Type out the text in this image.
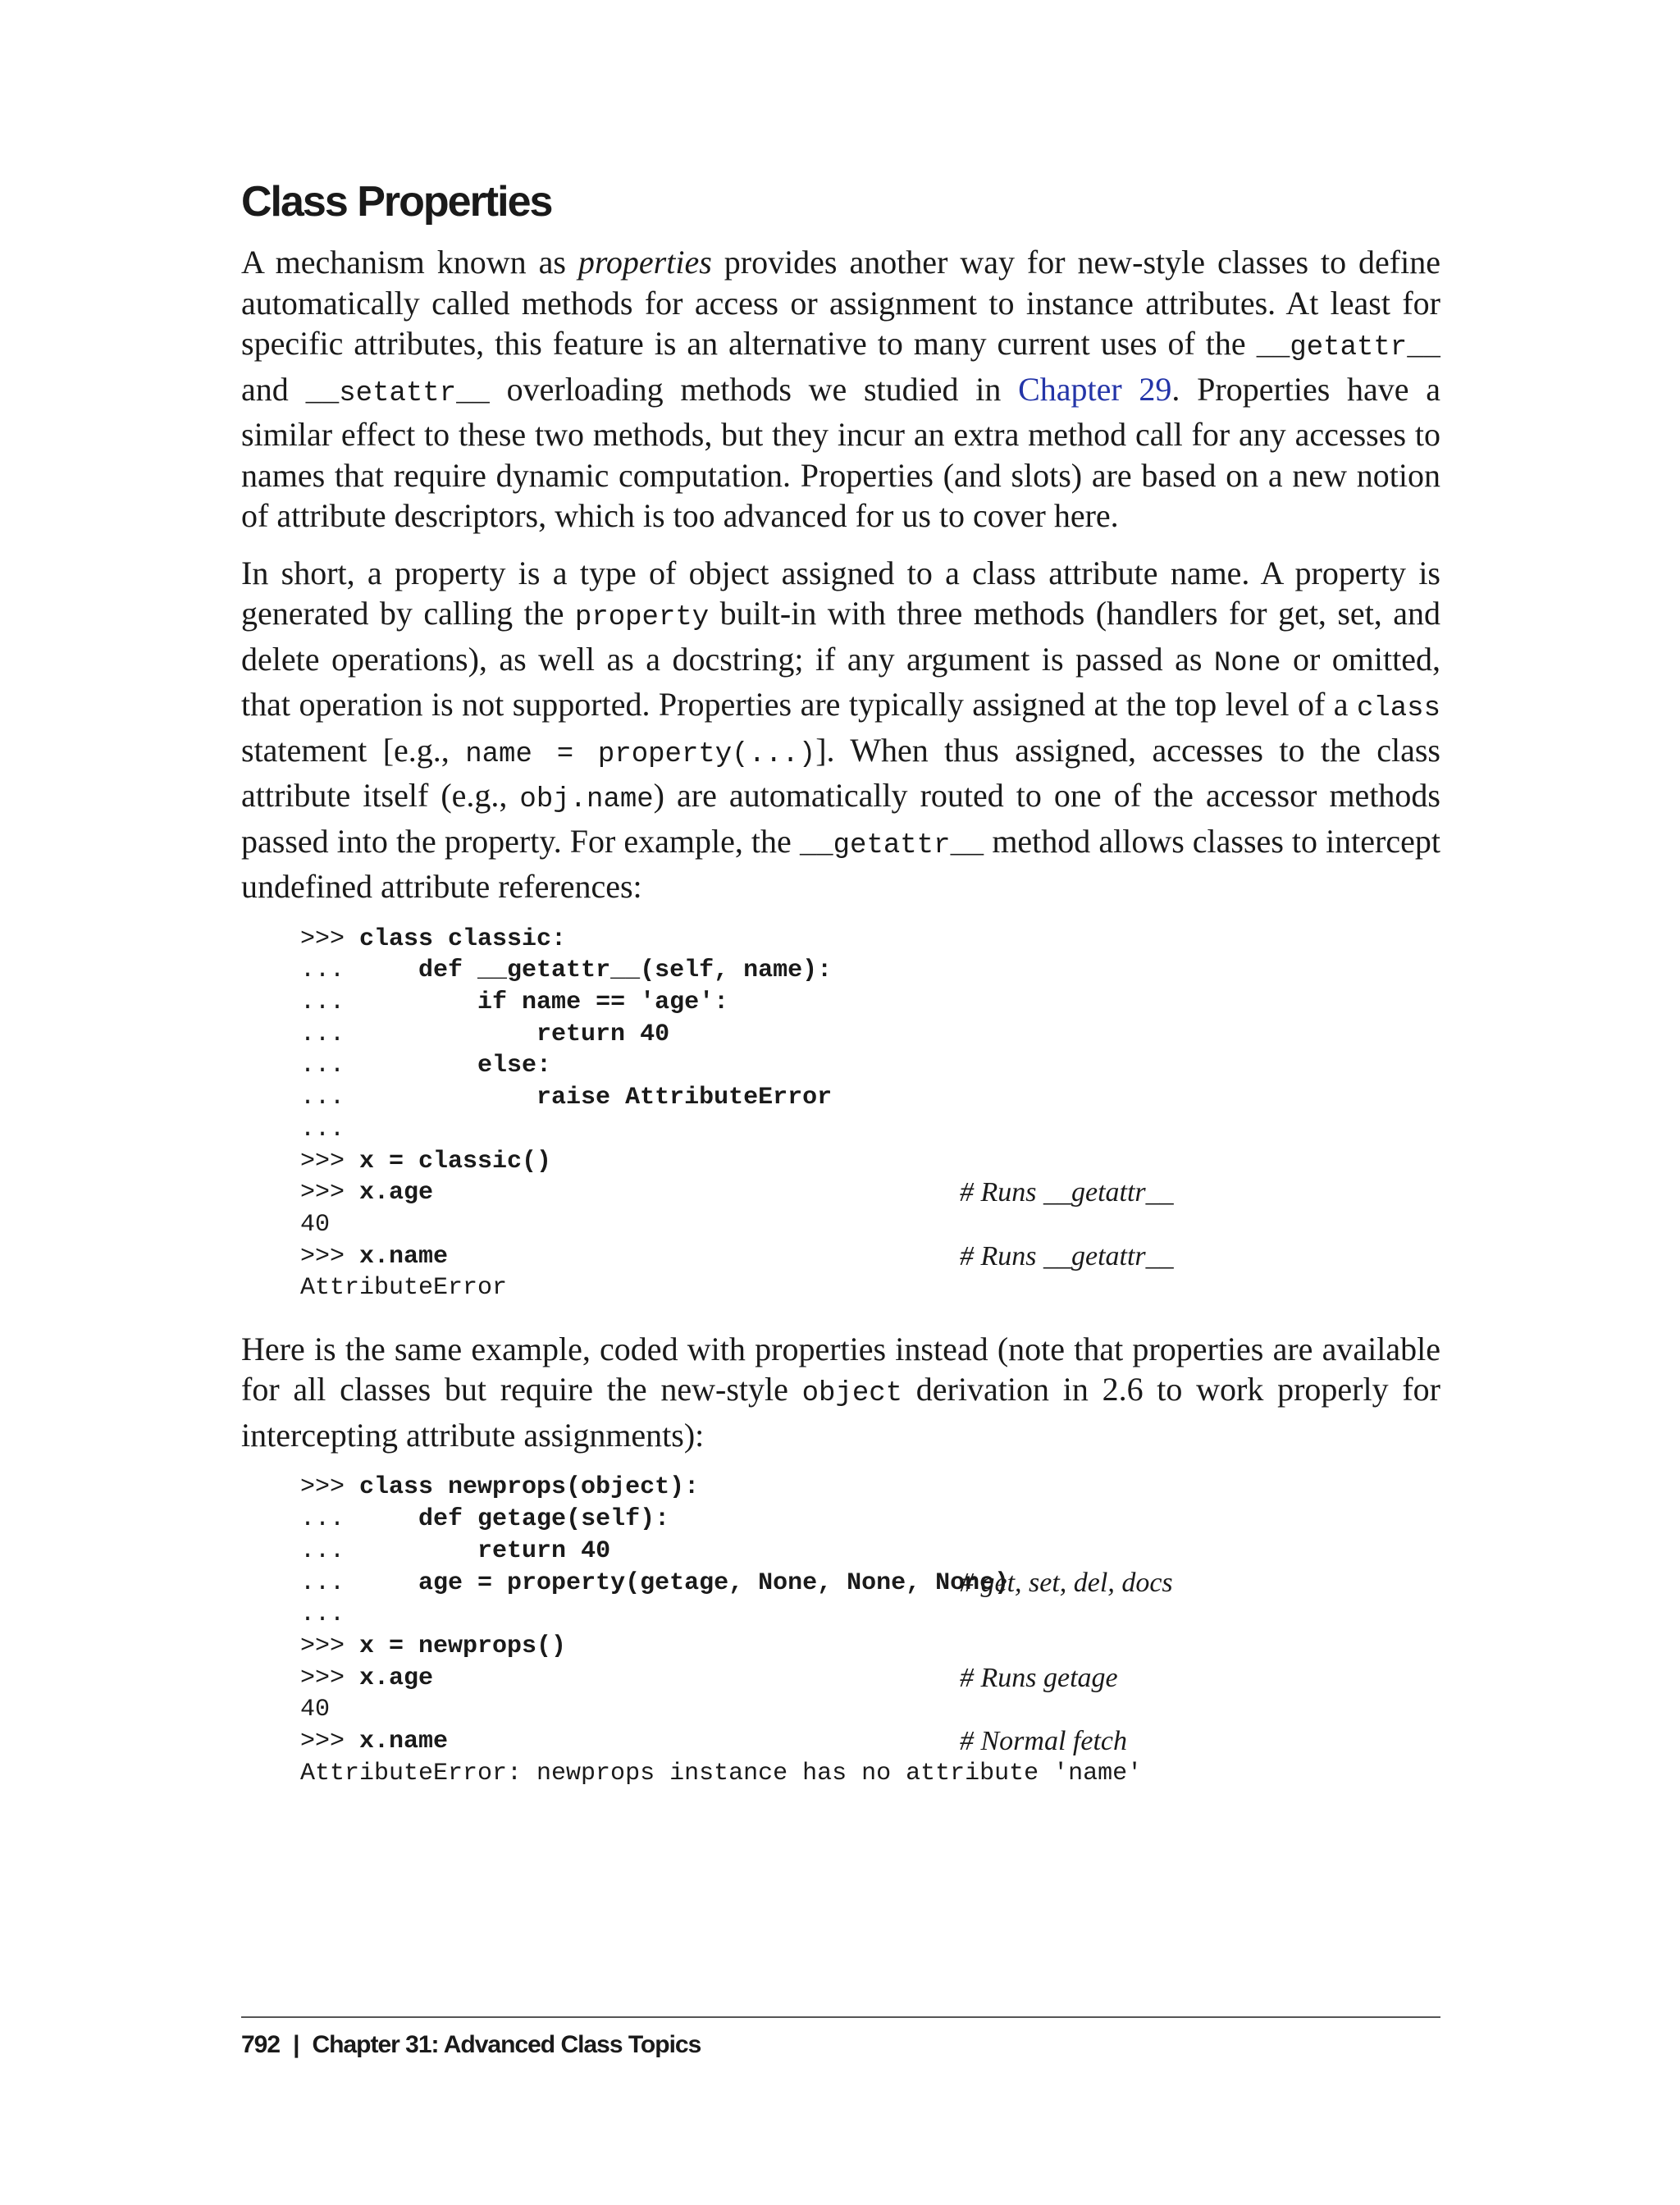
Class Properties

A mechanism known as properties provides another way for new-style classes to define automatically called methods for access or assignment to instance attributes. At least for specific attributes, this feature is an alternative to many current uses of the __getattr__ and __setattr__ overloading methods we studied in Chapter 29. Properties have a similar effect to these two methods, but they incur an extra method call for any accesses to names that require dynamic computation. Properties (and slots) are based on a new notion of attribute descriptors, which is too advanced for us to cover here.

In short, a property is a type of object assigned to a class attribute name. A property is generated by calling the property built-in with three methods (handlers for get, set, and delete operations), as well as a docstring; if any argument is passed as None or omitted, that operation is not supported. Properties are typically assigned at the top level of a class statement [e.g., name = property(...)]. When thus assigned, accesses to the class attribute itself (e.g., obj.name) are automatically routed to one of the accessor methods passed into the property. For example, the __getattr__ method allows classes to intercept undefined attribute references:

>>> class classic:
...     def __getattr__(self, name):
...         if name == 'age':
...             return 40
...         else:
...             raise AttributeError
...
>>> x = classic()
>>> x.age	# Runs __getattr__
40
>>> x.name	# Runs __getattr__
AttributeError

Here is the same example, coded with properties instead (note that properties are available for all classes but require the new-style object derivation in 2.6 to work properly for intercepting attribute assignments):

>>> class newprops(object):
...     def getage(self):
...         return 40
...     age = property(getage, None, None, None)
# get, set, del, docs
...
>>> x = newprops()
>>> x.age	# Runs getage
40
>>> x.name	# Normal fetch
AttributeError: newprops instance has no attribute 'name'
792 | Chapter 31: Advanced Class Topics
